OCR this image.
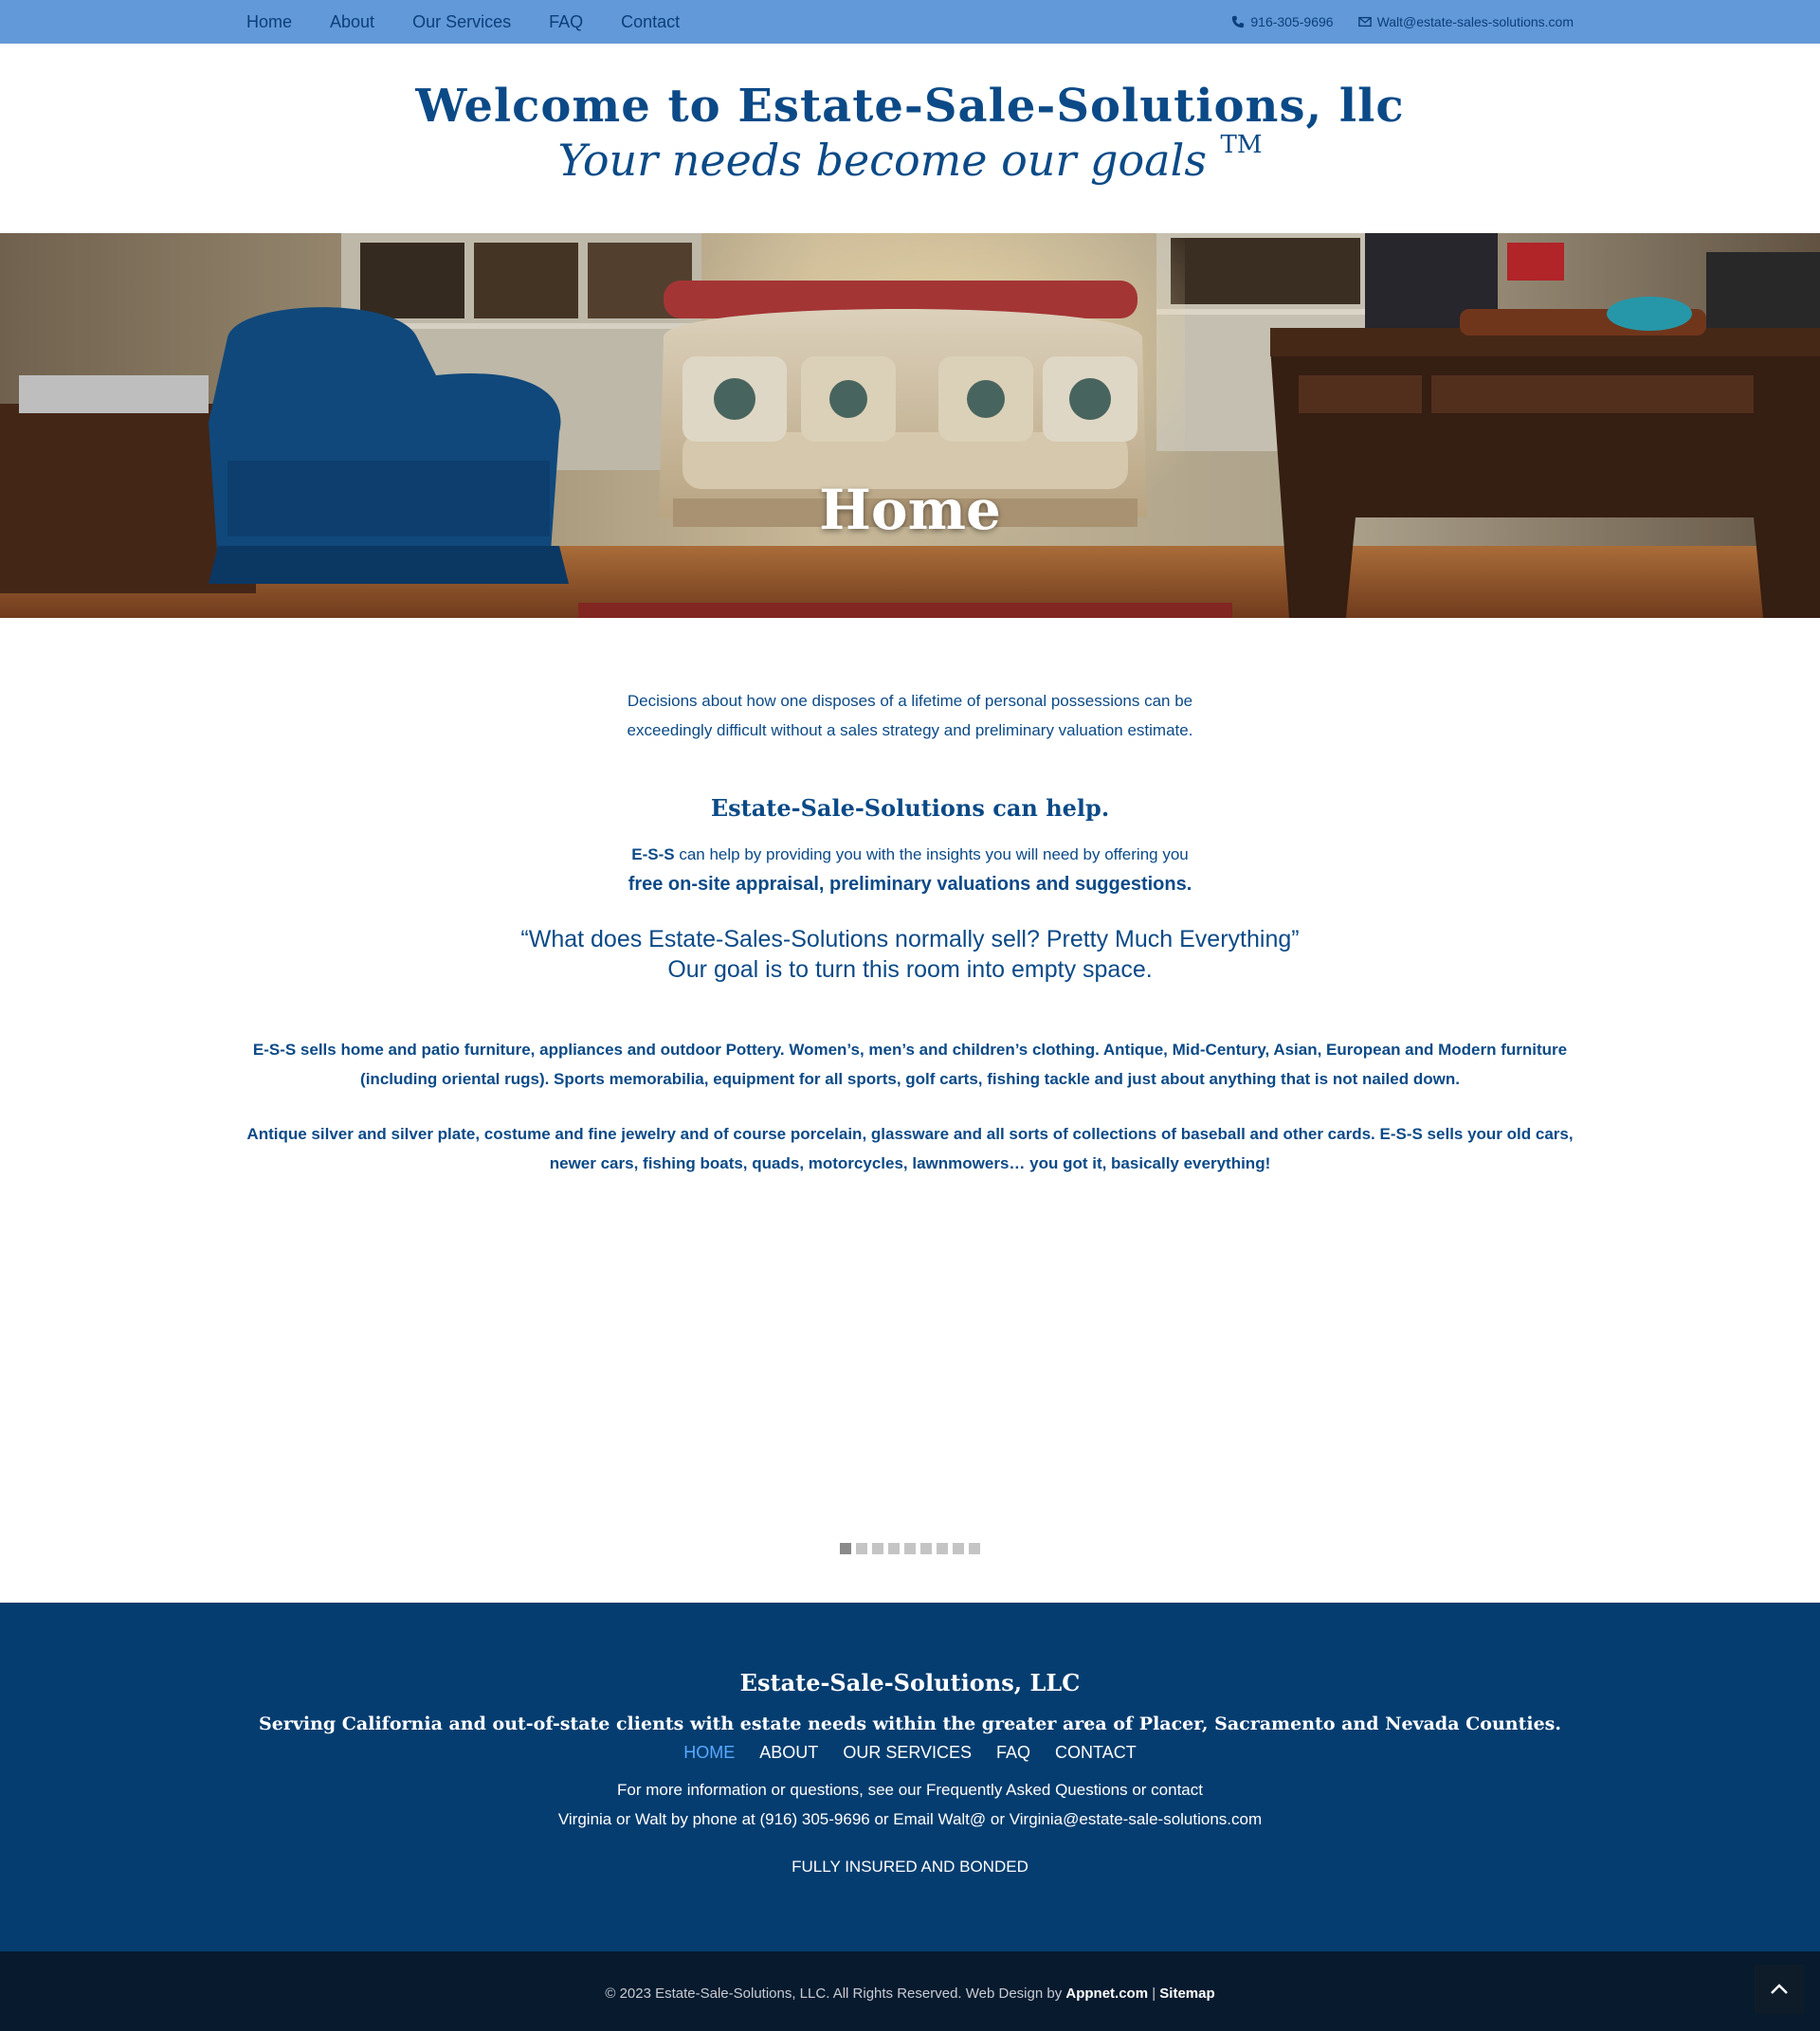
Home About Our Services FAQ Contact	916-305-9696	Walt@estate-sales-solutions.com
Welcome to Estate-Sale-Solutions, llc
Your needs become our goals ™
Home

Decisions about how one disposes of a lifetime of personal possessions can be exceedingly difficult without a sales strategy and preliminary valuation estimate.

Estate-Sale-Solutions can help.

E-S-S can help by providing you with the insights you will need by offering you

free on-site appraisal, preliminary valuations and suggestions.

“What does Estate-Sales-Solutions normally sell? Pretty Much Everything”
Our goal is to turn this room into empty space.

E-S-S sells home and patio furniture, appliances and outdoor Pottery. Women’s, men’s and children’s clothing. Antique, Mid-Century, Asian, European and Modern furniture (including oriental rugs). Sports memorabilia, equipment for all sports, golf carts, fishing tackle and just about anything that is not nailed down.

Antique silver and silver plate, costume and fine jewelry and of course porcelain, glassware and all sorts of collections of baseball and other cards. E-S-S sells your old cars, newer cars, fishing boats, quads, motorcycles, lawnmowers… you got it, basically everything!

Estate-Sale-Solutions, LLC
Serving California and out-of-state clients with estate needs within the greater area of Placer, Sacramento and Nevada Counties.
HOME ABOUT OUR SERVICES FAQ CONTACT
For more information or questions, see our Frequently Asked Questions or contact
Virginia or Walt by phone at (916) 305-9696 or Email Walt@ or Virginia@estate-sale-solutions.com
FULLY INSURED AND BONDED
© 2023 Estate-Sale-Solutions, LLC. All Rights Reserved. Web Design by Appnet.com | Sitemap
